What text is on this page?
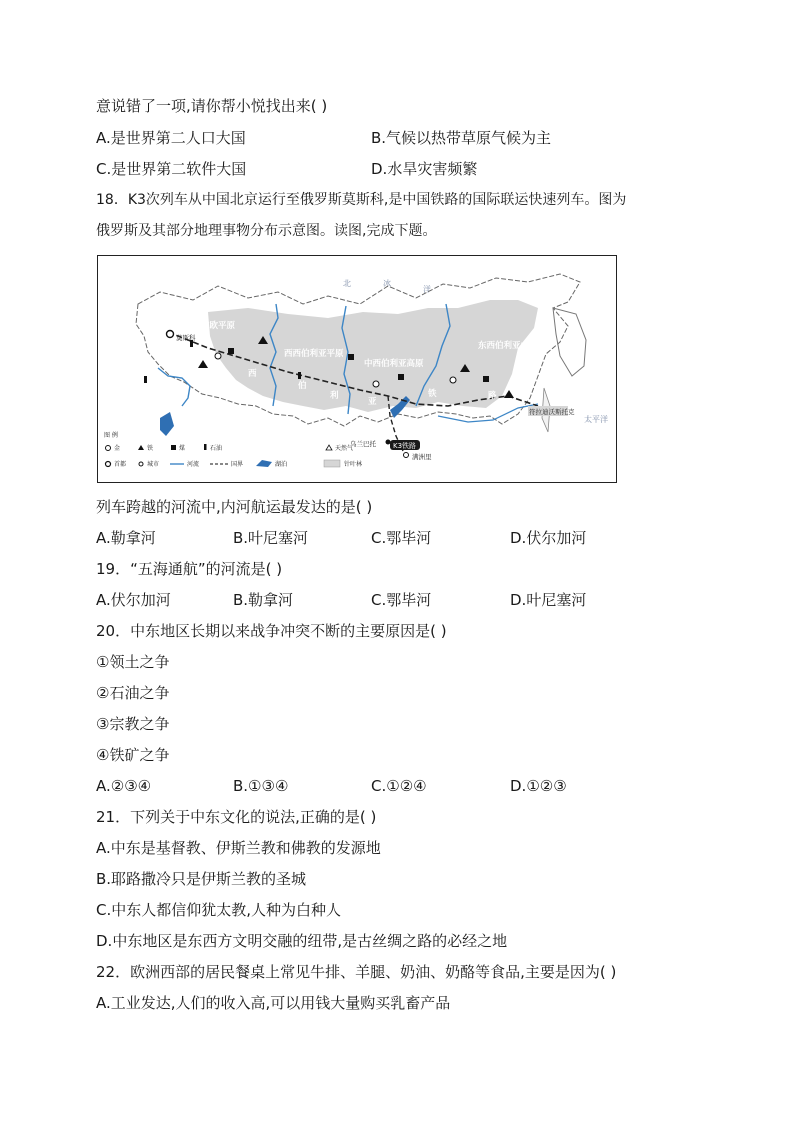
意说错了一项,请你帮小悦找出来( )
A.是世界第二人口大国	B.气候以热带草原气候为主
C.是世界第二软件大国	D.水旱灾害频繁
18．K3次列车从中国北京运行至俄罗斯莫斯科,是中国铁路的国际联运快速列车。图为
俄罗斯及其部分地理事物分布示意图。读图,完成下题。
北	冰
洋
东欧平原
西西伯利亚平原
中西伯利亚高原
东西伯利亚山地
西
伯
利
亚
铁	路
莫斯科
乌兰巴托
满洲里
符拉迪沃斯托克
K3铁路
太平洋
图 例
金	铁	煤	石油	天然气
首都	城市	河流	国界	湖泊	针叶林
列车跨越的河流中,内河航运最发达的是( )
A.勒拿河	B.叶尼塞河	C.鄂毕河	D.伏尔加河
19．“五海通航”的河流是( )
A.伏尔加河	B.勒拿河	C.鄂毕河	D.叶尼塞河
20．中东地区长期以来战争冲突不断的主要原因是( )
①领土之争
②石油之争
③宗教之争
④铁矿之争
A.②③④	B.①③④	C.①②④	D.①②③
21．下列关于中东文化的说法,正确的是( )
A.中东是基督教、伊斯兰教和佛教的发源地
B.耶路撒冷只是伊斯兰教的圣城
C.中东人都信仰犹太教,人种为白种人
D.中东地区是东西方文明交融的纽带,是古丝绸之路的必经之地
22．欧洲西部的居民餐桌上常见牛排、羊腿、奶油、奶酪等食品,主要是因为( )
A.工业发达,人们的收入高,可以用钱大量购买乳畜产品
